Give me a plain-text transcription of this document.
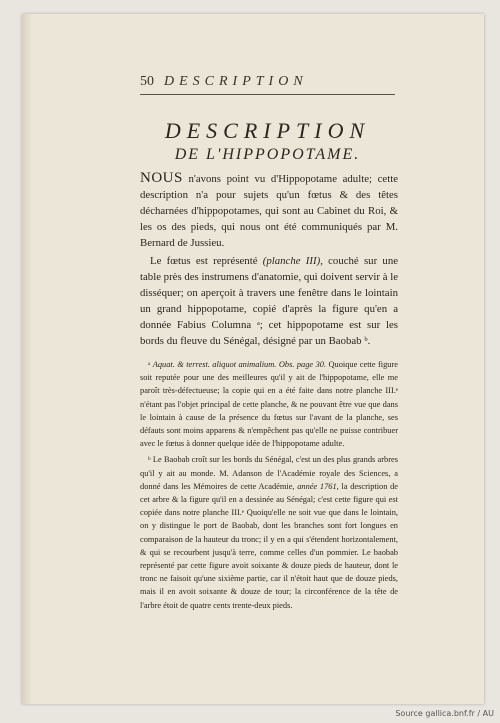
50 DESCRIPTION
DESCRIPTION
DE L'HIPPOPOTAME.

NOUS n'avons point vu d'Hippopotame adulte; cette description n'a pour sujets qu'un fœtus & des têtes décharnées d'hippopotames, qui sont au Cabinet du Roi, & les os des pieds, qui nous ont été communiqués par M. Bernard de Jussieu.

Le fœtus est représenté (planche III), couché sur une table près des instrumens d'anatomie, qui doivent servir à le disséquer; on aperçoit à travers une fenêtre dans le lointain un grand hippopotame, copié d'après la figure qu'en a donnée Fabius Columna ᵃ; cet hippopotame est sur les bords du fleuve du Sénégal, désigné par un Baobab ᵇ.

ᵃ Aquat. & terrest. aliquot animalium. Obs. page 30. Quoique cette figure soit reputée pour une des meilleures qu'il y ait de l'hippopotame, elle me paroît très-défectueuse; la copie qui en a été faite dans notre planche III.ᵉ n'étant pas l'objet principal de cette planche, & ne pouvant être vue que dans le lointain à cause de la présence du fœtus sur l'avant de la planche, ses défauts sont moins apparens & n'empêchent pas qu'elle ne puisse contribuer avec le fœtus à donner quelque idée de l'hippopotame adulte.

ᵇ Le Baobab croît sur les bords du Sénégal, c'est un des plus grands arbres qu'il y ait au monde. M. Adanson de l'Académie royale des Sciences, a donné dans les Mémoires de cette Académie, année 1761, la description de cet arbre & la figure qu'il en a dessinée au Sénégal; c'est cette figure qui est copiée dans notre planche III.ᵉ Quoiqu'elle ne soit vue que dans le lointain, on y distingue le port de Baobab, dont les branches sont fort longues en comparaison de la hauteur du tronc; il y en a qui s'étendent horizontalement, & qui se recourbent jusqu'à terre, comme celles d'un pommier. Le baobab représenté par cette figure avoit soixante & douze pieds de hauteur, dont le tronc ne faisoit qu'une sixième partie, car il n'étoit haut que de douze pieds, mais il en avoit soixante & douze de tour; la circonférence de la tête de l'arbre étoit de quatre cents trente-deux pieds.

Source gallica.bnf.fr / AU
